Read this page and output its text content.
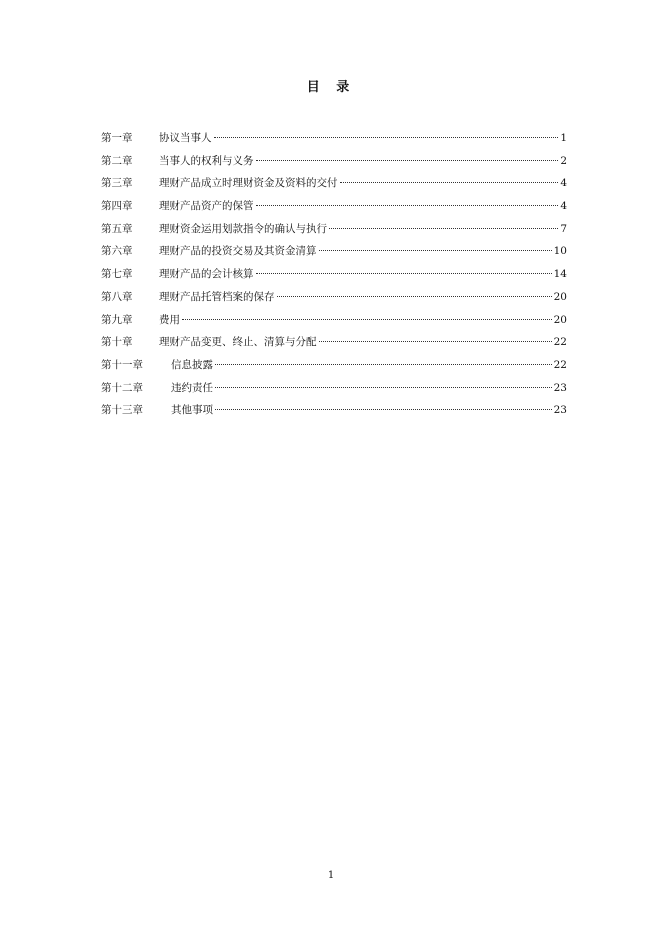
目 录
第一章	协议当事人	1
第二章	当事人的权利与义务	2
第三章	理财产品成立时理财资金及资料的交付	4
第四章	理财产品资产的保管	4
第五章	理财资金运用划款指令的确认与执行	7
第六章	理财产品的投资交易及其资金清算	10
第七章	理财产品的会计核算	14
第八章	理财产品托管档案的保存	20
第九章	费用	20
第十章	理财产品变更、终止、清算与分配	22
第十一章	信息披露	22
第十二章	违约责任	23
第十三章	其他事项	23
1
